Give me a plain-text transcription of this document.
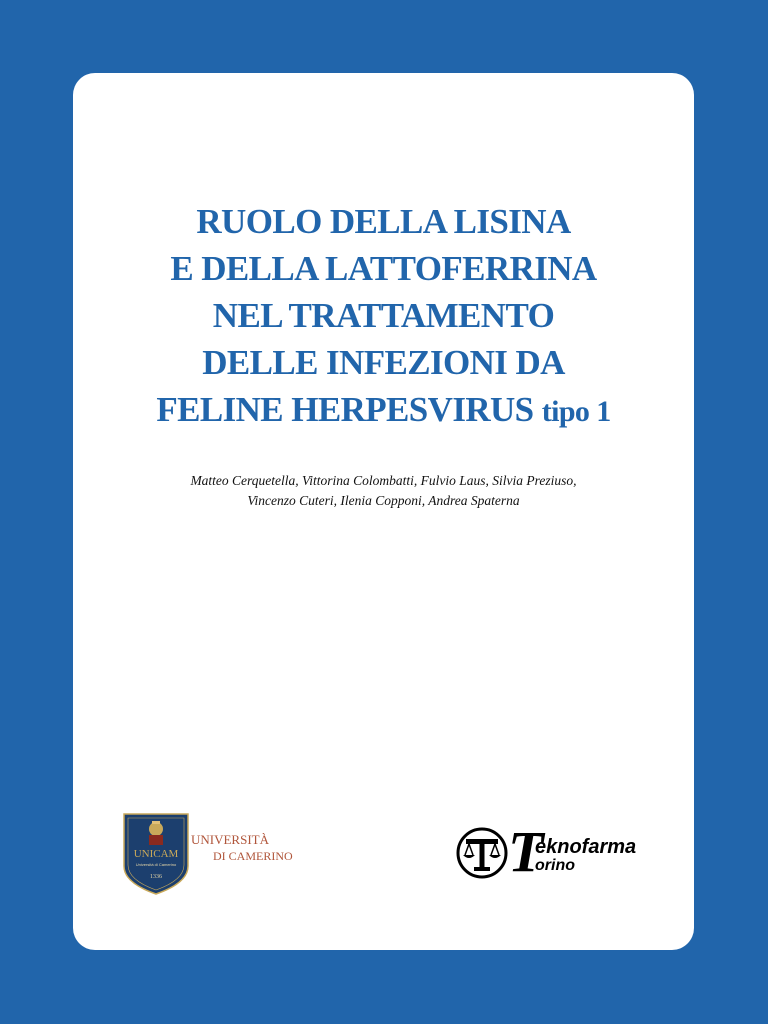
RUOLO DELLA LISINA
E DELLA LATTOFERRINA
NEL TRATTAMENTO
DELLE INFEZIONI DA
FELINE HERPESVIRUS tipo 1
Matteo Cerquetella, Vittorina Colombatti, Fulvio Laus, Silvia Preziuso,
Vincenzo Cuteri, Ilenia Copponi, Andrea Spaterna
UNICAM
Università di Camerino
1336
UNIVERSITÀ
DI CAMERINO	T
eknofarma
orino
